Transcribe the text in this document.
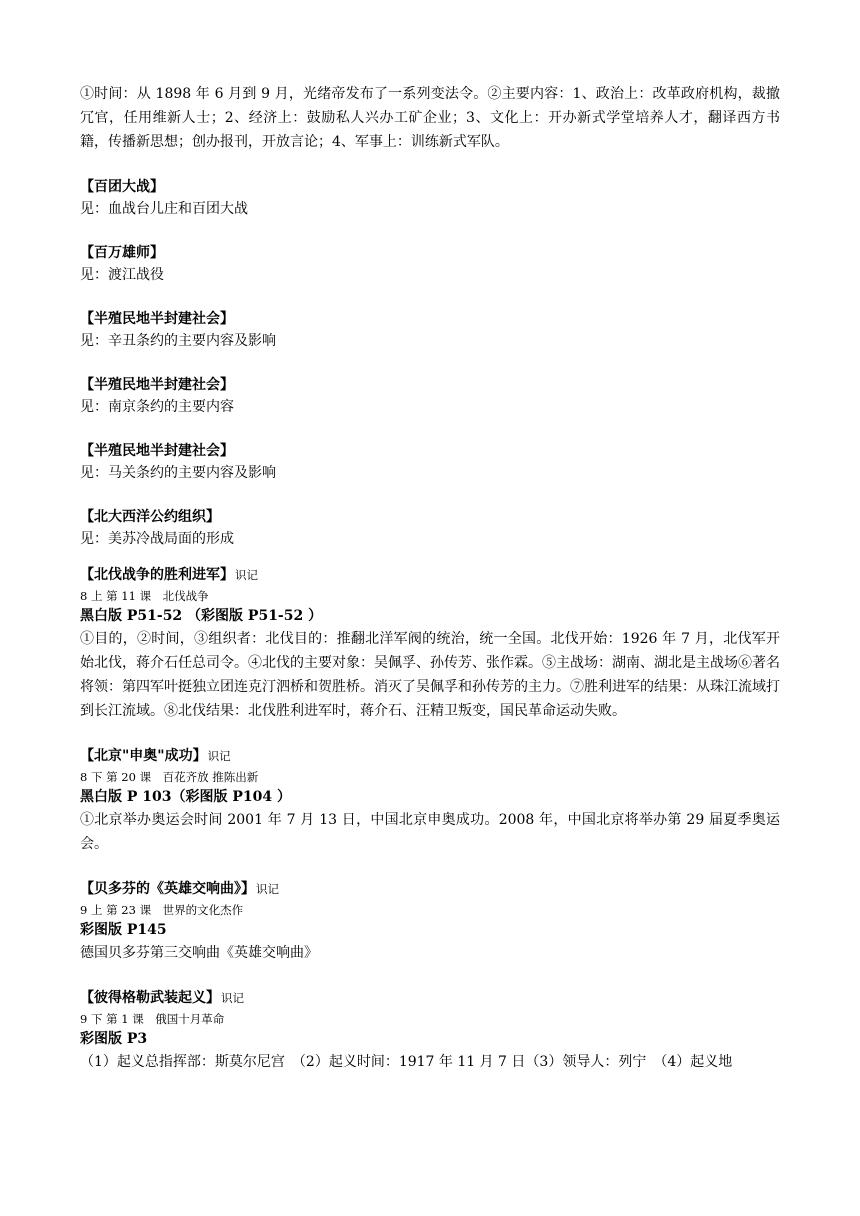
①时间：从 1898 年 6 月到 9 月，光绪帝发布了一系列变法令。②主要内容：1、政治上：改革政府机构，裁撤冗官，任用维新人士；2、经济上：鼓励私人兴办工矿企业；3、文化上：开办新式学堂培养人才，翻译西方书籍，传播新思想；创办报刊，开放言论；4、军事上：训练新式军队。

【百团大战】

见：血战台儿庄和百团大战

【百万雄师】

见：渡江战役

【半殖民地半封建社会】

见：辛丑条约的主要内容及影响

【半殖民地半封建社会】

见：南京条约的主要内容

【半殖民地半封建社会】

见：马关条约的主要内容及影响

【北大西洋公约组织】

见：美苏冷战局面的形成

【北伐战争的胜利进军】识记

8 上 第 11 课　北伐战争

黑白版 P51-52 （彩图版 P51-52 ）

①目的，②时间，③组织者：北伐目的：推翻北洋军阀的统治，统一全国。北伐开始：1926 年 7 月，北伐军开始北伐，蒋介石任总司令。④北伐的主要对象：吴佩孚、孙传芳、张作霖。⑤主战场：湖南、湖北是主战场⑥著名将领：第四军叶挺独立团连克汀泗桥和贺胜桥。消灭了吴佩孚和孙传芳的主力。⑦胜利进军的结果：从珠江流域打到长江流域。⑧北伐结果：北伐胜利进军时，蒋介石、汪精卫叛变，国民革命运动失败。

【北京"申奥"成功】识记

8 下 第 20 课　百花齐放 推陈出新

黑白版 P 103（彩图版 P104 ）

①北京举办奥运会时间 2001 年 7 月 13 日，中国北京申奥成功。2008 年，中国北京将举办第 29 届夏季奥运会。

【贝多芬的《英雄交响曲》】识记

9 上 第 23 课　世界的文化杰作

彩图版 P145

德国贝多芬第三交响曲《英雄交响曲》

【彼得格勒武装起义】识记

9 下 第 1 课　俄国十月革命

彩图版 P3

（1）起义总指挥部：斯莫尔尼宫　（2）起义时间：1917 年 11 月 7 日（3）领导人：列宁　（4）起义地
